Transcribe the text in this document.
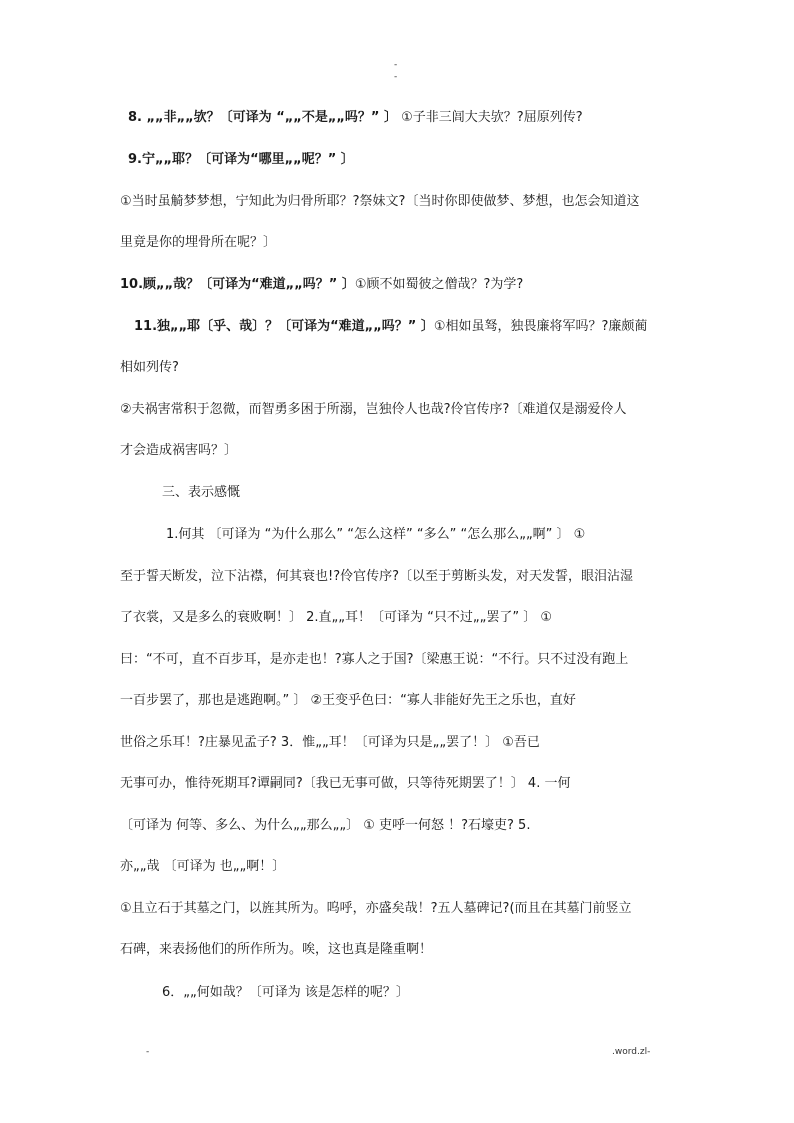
-
-
8. „„非„„欤？〔可译为 “„„不是„„吗？” 〕 ①子非三闾大夫欤？?屈原列传?
9.宁„„耶？〔可译为“哪里„„呢？” 〕
①当时虽觭梦梦想，宁知此为归骨所耶？?祭妹文?〔当时你即使做梦、梦想，也怎会知道这
里竟是你的埋骨所在呢？〕
10.顾„„哉？〔可译为“难道„„吗？” 〕①顾不如蜀彼之僧哉？?为学?
11.独„„耶〔乎、哉〕？〔可译为“难道„„吗？” 〕①相如虽驽，独畏廉将军吗？?廉颇蔺
相如列传?
②夫祸害常积于忽微，而智勇多困于所溺，岂独伶人也哉?伶官传序?〔难道仅是溺爱伶人
才会造成祸害吗？〕
三、表示感慨
1.何其 〔可译为 “为什么那么” “怎么这样” “多么” “怎么那么„„啊” 〕 ①
至于誓天断发，泣下沾襟，何其衰也!?伶官传序?〔以至于剪断头发，对天发誓，眼泪沾湿
了衣裳，又是多么的衰败啊！〕 2.直„„耳！〔可译为 “只不过„„罢了” 〕 ①
曰：“不可，直不百步耳，是亦走也！?寡人之于国?〔梁惠王说：“不行。只不过没有跑上
一百步罢了，那也是逃跑啊。” 〕 ②王变乎色曰：“寡人非能好先王之乐也，直好
世俗之乐耳！?庄暴见孟子? 3．惟„„耳！〔可译为只是„„罢了！〕 ①吾已
无事可办，惟待死期耳?谭嗣同?〔我已无事可做，只等待死期罢了！〕 4. 一何
〔可译为 何等、多么、为什么„„那么„„〕 ① 吏呼一何怒 ！?石壕吏? 5.
亦„„哉 〔可译为 也„„啊！〕
①且立石于其墓之门，以旌其所为。呜呼，亦盛矣哉！?五人墓碑记?(而且在其墓门前竖立
石碑，来表扬他们的所作所为。唉，这也真是隆重啊！
6．„„何如哉？〔可译为 该是怎样的呢？〕
-	.word.zl-
